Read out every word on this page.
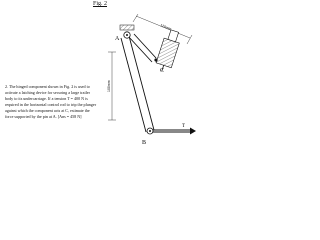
Fig. 2
A
B
C
T
120mm
100mm

2. The hinged component shown in Fig. 2 is used to activate a latching device for securing a large trailer body to its undercarriage. If a tension T = 400 N is required in the horizontal control rod to trip the plunger against which the component acts at C, estimate the force supported by the pin at A. [Ans = 458 N]
